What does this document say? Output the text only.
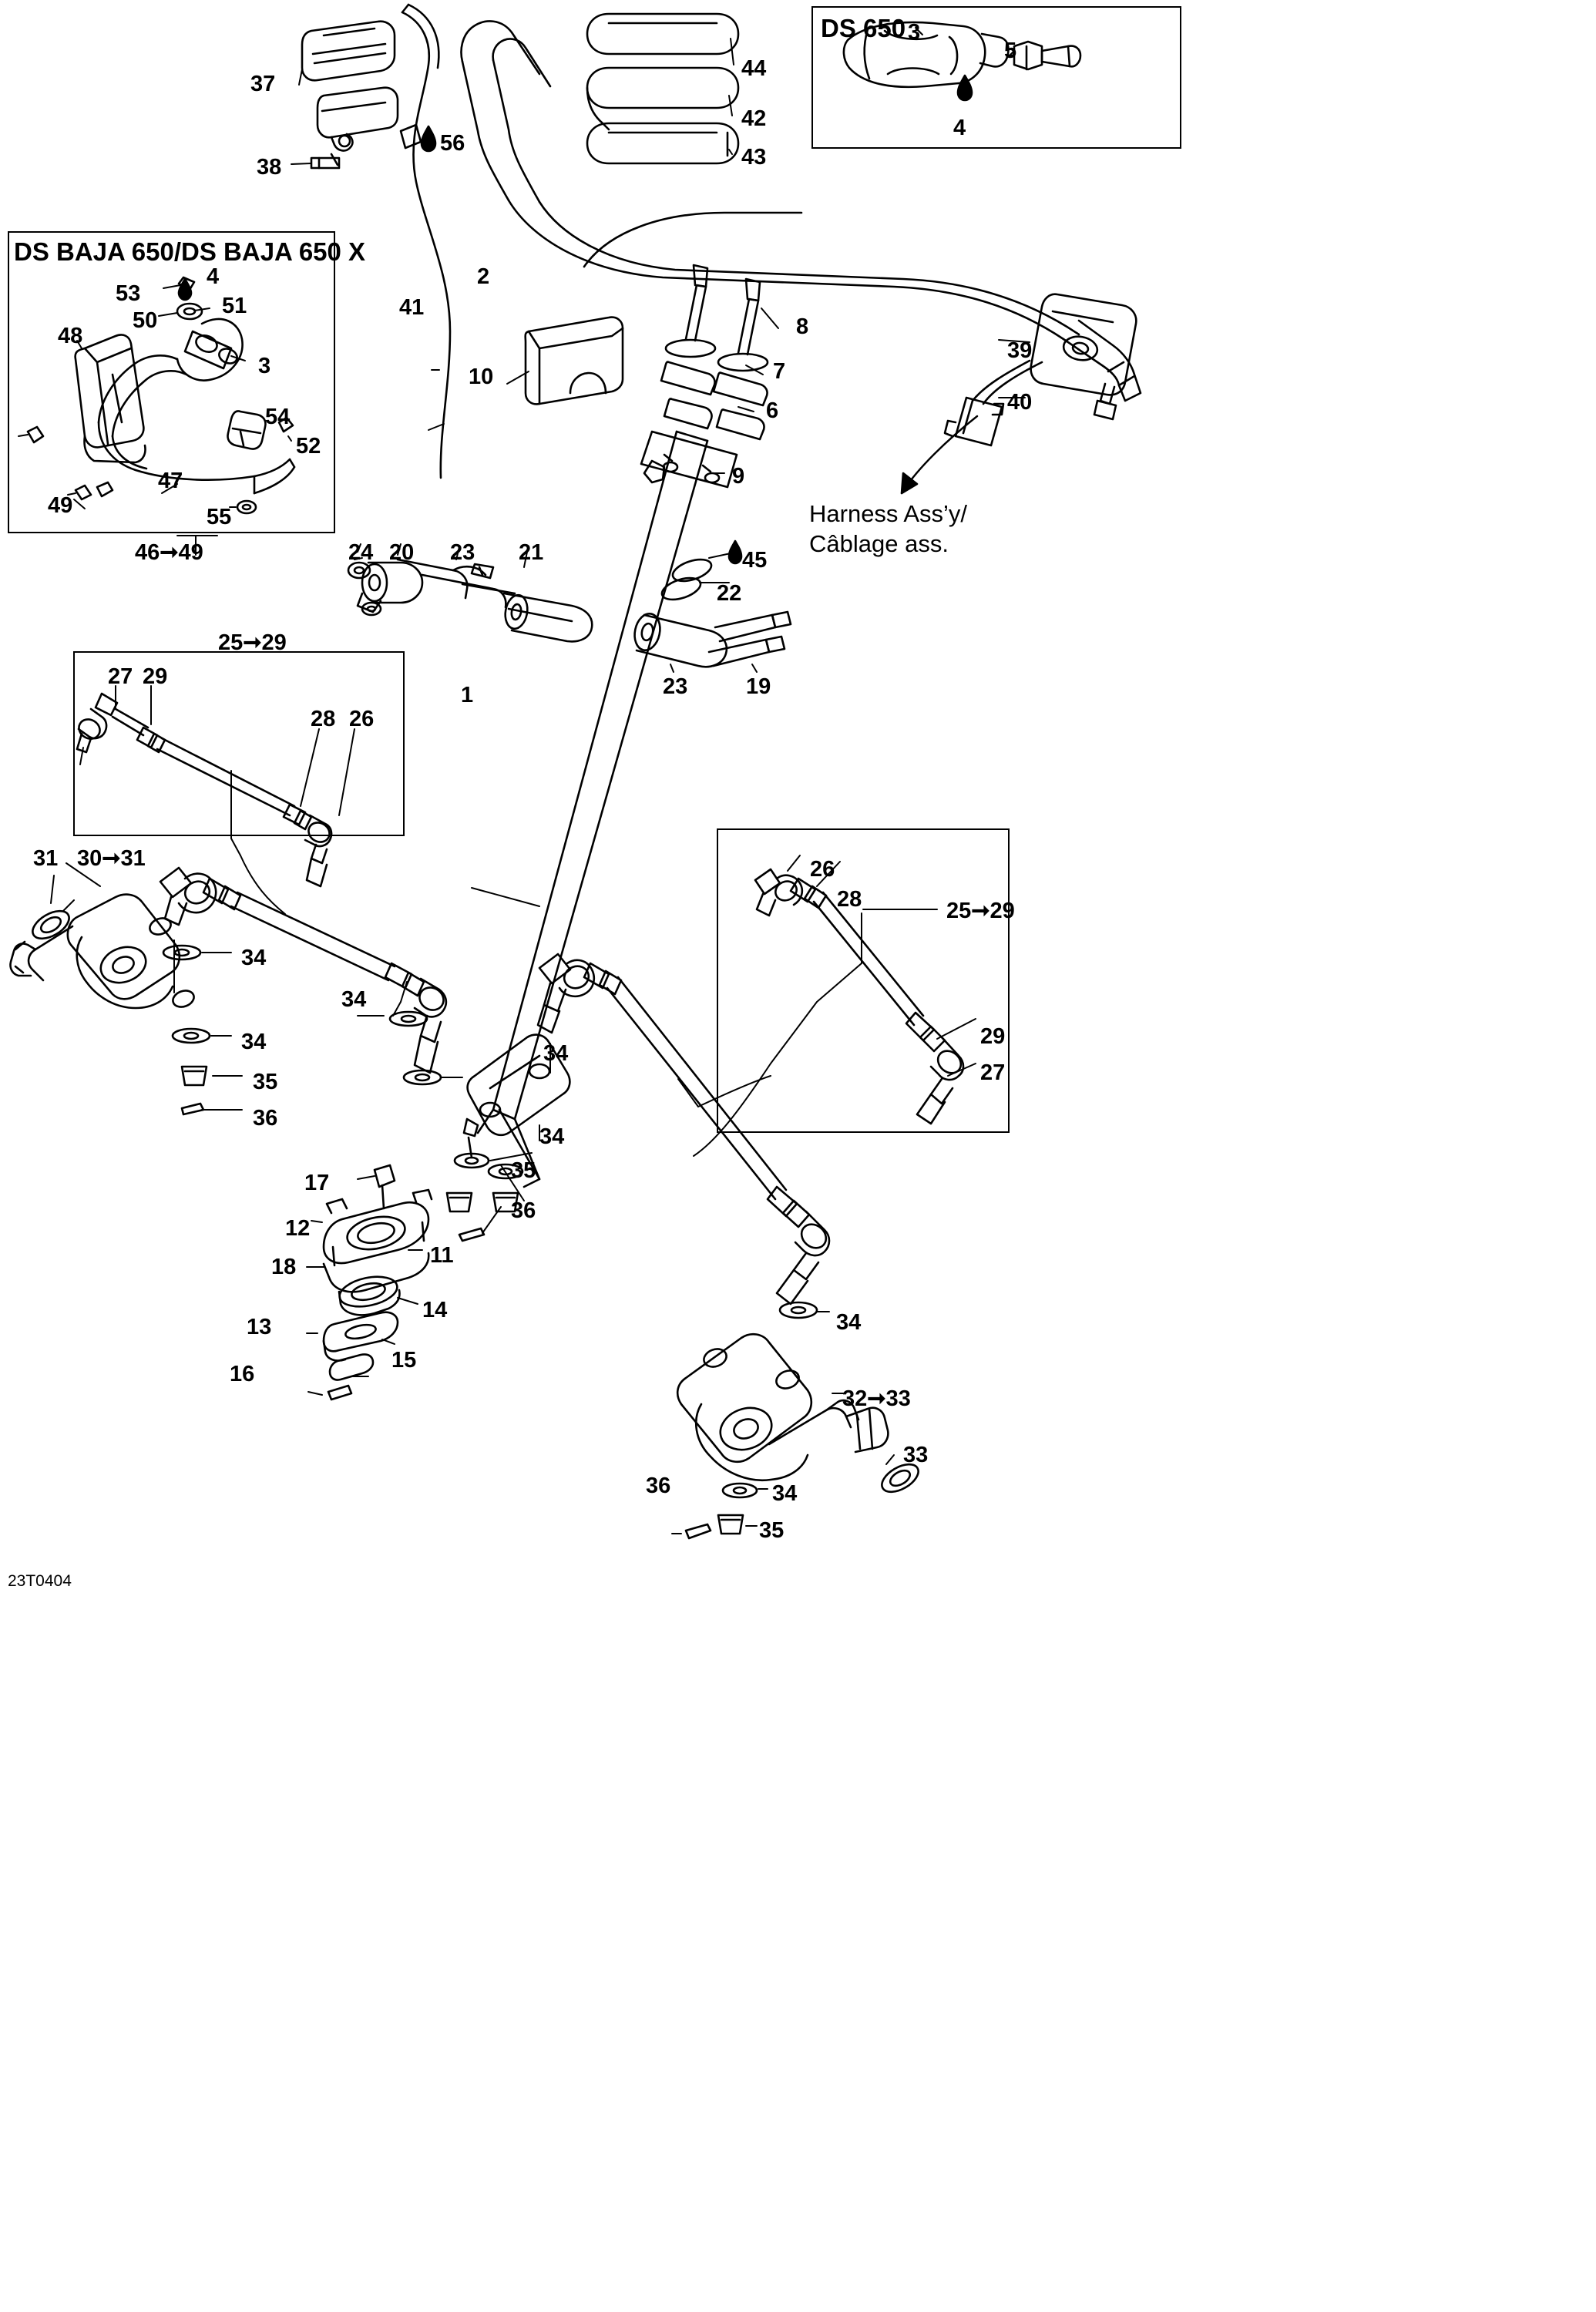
DS 650
DS BAJA 650/DS BAJA 650 X
Harness Ass’y/
Câblage ass.
37
38
56
44
42
43
3
5
4
2
41
10
8
7
6
9
39
40
53
4
50
51
48
3
54
52
47
49	55
46➞49	24 20 23 21	45
22
23	19
1
25➞29
27 29
28 26
31 30➞31
34
34
35
36
34
34
34
35
36
17
12
11
18
14
13
15
16
26
28	25➞29
29
27
34
32➞33
33
36	34
35
23T0404
